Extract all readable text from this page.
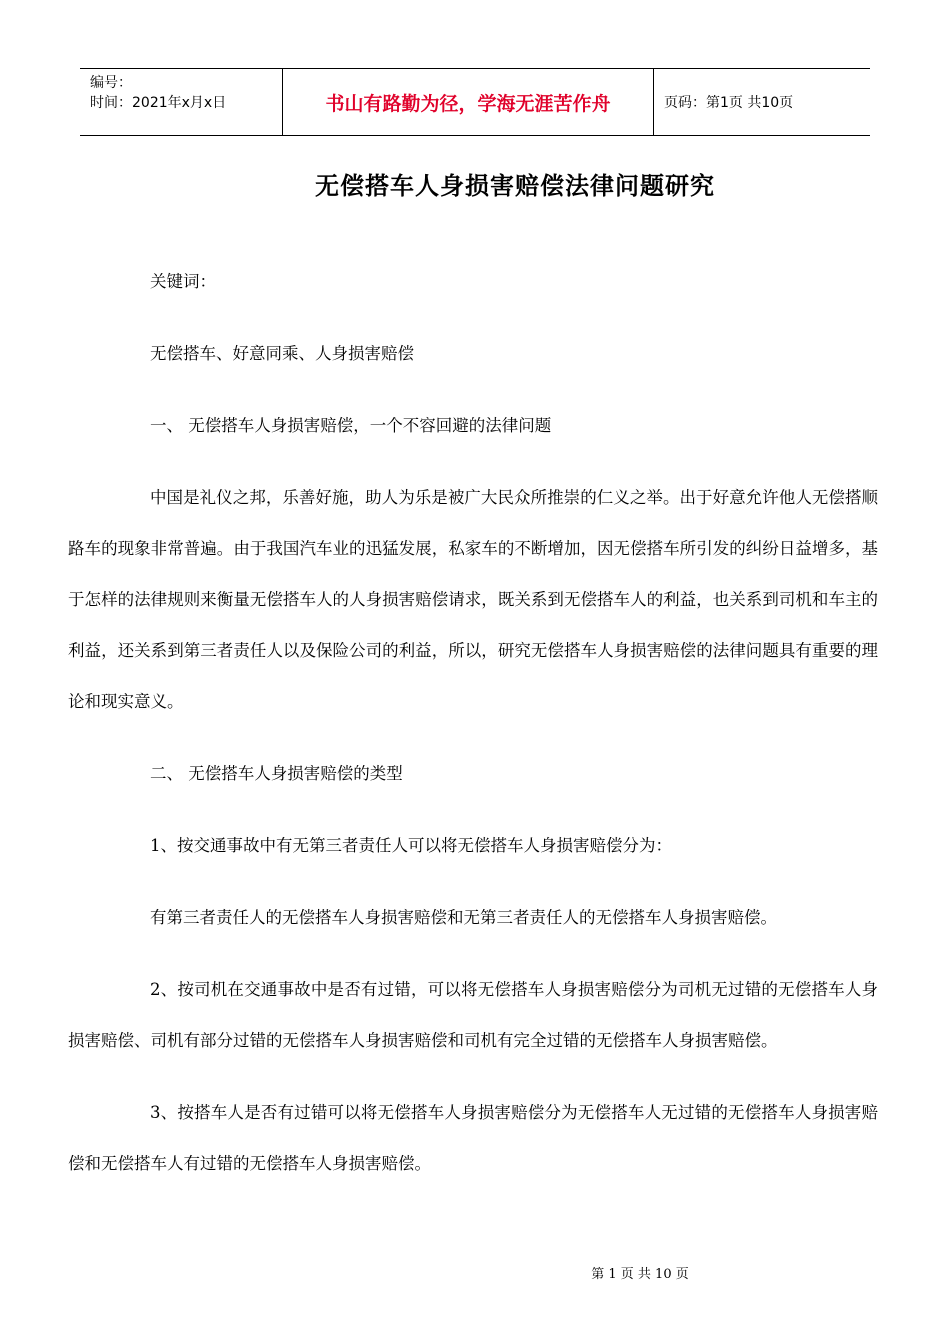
编号：
时间：2021年x月x日	书山有路勤为径，学海无涯苦作舟	页码：第1页 共10页
无偿搭车人身损害赔偿法律问题研究

关键词：

无偿搭车、好意同乘、人身损害赔偿

一、 无偿搭车人身损害赔偿，一个不容回避的法律问题

中国是礼仪之邦，乐善好施，助人为乐是被广大民众所推崇的仁义之举。出于好意允许他人无偿搭顺路车的现象非常普遍。由于我国汽车业的迅猛发展，私家车的不断增加，因无偿搭车所引发的纠纷日益增多，基于怎样的法律规则来衡量无偿搭车人的人身损害赔偿请求，既关系到无偿搭车人的利益，也关系到司机和车主的利益，还关系到第三者责任人以及保险公司的利益，所以，研究无偿搭车人身损害赔偿的法律问题具有重要的理论和现实意义。

二、 无偿搭车人身损害赔偿的类型

1、按交通事故中有无第三者责任人可以将无偿搭车人身损害赔偿分为：

有第三者责任人的无偿搭车人身损害赔偿和无第三者责任人的无偿搭车人身损害赔偿。

2、按司机在交通事故中是否有过错，可以将无偿搭车人身损害赔偿分为司机无过错的无偿搭车人身损害赔偿、司机有部分过错的无偿搭车人身损害赔偿和司机有完全过错的无偿搭车人身损害赔偿。

3、按搭车人是否有过错可以将无偿搭车人身损害赔偿分为无偿搭车人无过错的无偿搭车人身损害赔偿和无偿搭车人有过错的无偿搭车人身损害赔偿。

第 1 页 共 10 页
